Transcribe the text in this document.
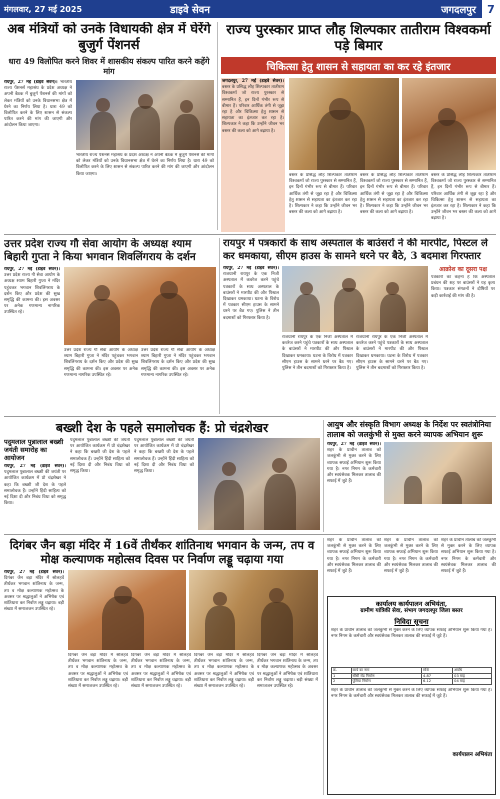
मंगलवार, 27 मई 2025	डाइवे सेवन	जगदलपुर	7
अब मंत्रियों को उनके विधायकी क्षेत्र में घेरेंगे बुजुर्ग पेंशनर्स
धारा 49 विलोपित करने शिवर में शासकीय संकल्प पारित करने कहेंगे मांग

रायपुर, 27 मई (डाइवे सेवन)। भारतीय राज्य पेंशनर्स महासंघ के प्रदेश अध्यक्ष ने अपनी बैठक में बुजुर्ग पेंशनर्स की मांगों को लेकर मंत्रियों को उनके विधानसभा क्षेत्र में घेरने का निर्णय लिया है। धारा 49 को विलोपित करने के लिए शासन से संकल्प पारित करने की मांग की जाएगी और आंदोलन किया जाएगा।

भारतीय राज्य पेंशनर्स महासंघ के प्रदेश अध्यक्ष ने अपनी बैठक में बुजुर्ग पेंशनर्स की मांगों को लेकर मंत्रियों को उनके विधानसभा क्षेत्र में घेरने का निर्णय लिया है। धारा 49 को विलोपित करने के लिए शासन से संकल्प पारित करने की मांग की जाएगी और आंदोलन किया जाएगा।

राज्य पुरस्कार प्राप्त लौह शिल्पकार तातीराम विश्वकर्मा पड़े बिमार
चिकित्सा हेतु शासन से सहायता का कर रहे इंतजार

जगदलपुर, 27 मई (डाइवे सेवन)। बस्तर के प्रसिद्ध लौह शिल्पकार तातीराम विश्वकर्मा जो राज्य पुरस्कार से सम्मानित हैं, इन दिनों गंभीर रूप से बीमार हैं। परिवार आर्थिक तंगी से जूझ रहा है और चिकित्सा हेतु शासन से सहायता का इंतजार कर रहा है। शिल्पकार ने कहा कि उन्होंने जीवन भर बस्तर की कला को आगे बढ़ाया है।

बस्तर के प्रसिद्ध लौह शिल्पकार तातीराम विश्वकर्मा जो राज्य पुरस्कार से सम्मानित हैं, इन दिनों गंभीर रूप से बीमार हैं। परिवार आर्थिक तंगी से जूझ रहा है और चिकित्सा हेतु शासन से सहायता का इंतजार कर रहा है। शिल्पकार ने कहा कि उन्होंने जीवन भर बस्तर की कला को आगे बढ़ाया है।

बस्तर के प्रसिद्ध लौह शिल्पकार तातीराम विश्वकर्मा जो राज्य पुरस्कार से सम्मानित हैं, इन दिनों गंभीर रूप से बीमार हैं। परिवार आर्थिक तंगी से जूझ रहा है और चिकित्सा हेतु शासन से सहायता का इंतजार कर रहा है। शिल्पकार ने कहा कि उन्होंने जीवन भर बस्तर की कला को आगे बढ़ाया है।

बस्तर के प्रसिद्ध लौह शिल्पकार तातीराम विश्वकर्मा जो राज्य पुरस्कार से सम्मानित हैं, इन दिनों गंभीर रूप से बीमार हैं। परिवार आर्थिक तंगी से जूझ रहा है और चिकित्सा हेतु शासन से सहायता का इंतजार कर रहा है। शिल्पकार ने कहा कि उन्होंने जीवन भर बस्तर की कला को आगे बढ़ाया है।

उत्तर प्रदेश राज्य गौ सेवा आयोग के अध्यक्ष श्याम बिहारी गुप्ता ने किया भगवान शिवलिंगराय के दर्शन

रायपुर, 27 मई (डाइवे सेवन)। उत्तर प्रदेश राज्य गौ सेवा आयोग के अध्यक्ष श्याम बिहारी गुप्ता ने मंदिर पहुंचकर भगवान शिवलिंगराय के दर्शन किए और प्रदेश की सुख समृद्धि की कामना की। इस अवसर पर अनेक गणमान्य नागरिक उपस्थित रहे।

उत्तर प्रदेश राज्य गौ सेवा आयोग के अध्यक्ष श्याम बिहारी गुप्ता ने मंदिर पहुंचकर भगवान शिवलिंगराय के दर्शन किए और प्रदेश की सुख समृद्धि की कामना की। इस अवसर पर अनेक गणमान्य नागरिक उपस्थित रहे।

उत्तर प्रदेश राज्य गौ सेवा आयोग के अध्यक्ष श्याम बिहारी गुप्ता ने मंदिर पहुंचकर भगवान शिवलिंगराय के दर्शन किए और प्रदेश की सुख समृद्धि की कामना की। इस अवसर पर अनेक गणमान्य नागरिक उपस्थित रहे।

रायपुर में पत्रकारों के साथ अस्पताल के बाउंसरों ने की मारपीट, पिस्टल ले कर धमकाया, सीएम हाउस के सामने धरने पर बैठे, 3 बदमाश गिरफ्तार

रायपुर, 27 मई (डाइवे सेवन)। राजधानी रायपुर के एक निजी अस्पताल में कवरेज करने पहुंचे पत्रकारों के साथ अस्पताल के बाउंसरों ने मारपीट की और पिस्टल दिखाकर धमकाया। घटना के विरोध में पत्रकार सीएम हाउस के सामने धरने पर बैठ गए। पुलिस ने तीन बदमाशों को गिरफ्तार किया है।

राजधानी रायपुर के एक निजी अस्पताल में कवरेज करने पहुंचे पत्रकारों के साथ अस्पताल के बाउंसरों ने मारपीट की और पिस्टल दिखाकर धमकाया। घटना के विरोध में पत्रकार सीएम हाउस के सामने धरने पर बैठ गए। पुलिस ने तीन बदमाशों को गिरफ्तार किया है।

राजधानी रायपुर के एक निजी अस्पताल में कवरेज करने पहुंचे पत्रकारों के साथ अस्पताल के बाउंसरों ने मारपीट की और पिस्टल दिखाकर धमकाया। घटना के विरोध में पत्रकार सीएम हाउस के सामने धरने पर बैठ गए। पुलिस ने तीन बदमाशों को गिरफ्तार किया है।

आक्रोश का दूसरा पक्ष
पत्रकारों का कहना है कि अस्पताल प्रबंधन की शह पर बाउंसरों ने यह कृत्य किया। पत्रकार संगठनों ने दोषियों पर कड़ी कार्रवाई की मांग की है।
बख्शी देश के पहले समालोचक हैं: प्रो चंद्रशेखर
पदुमलाल पुन्नालाल बख्शी जयंती समारोह का आयोजन

रायपुर, 27 मई (डाइवे सेवन)। पदुमलाल पुन्नालाल बख्शी की जयंती पर आयोजित कार्यक्रम में प्रो चंद्रशेखर ने कहा कि बख्शी जी देश के पहले समालोचक हैं। उन्होंने हिंदी साहित्य को नई दिशा दी और निबंध विधा को समृद्ध किया।

पदुमलाल पुन्नालाल बख्शी की जयंती पर आयोजित कार्यक्रम में प्रो चंद्रशेखर ने कहा कि बख्शी जी देश के पहले समालोचक हैं। उन्होंने हिंदी साहित्य को नई दिशा दी और निबंध विधा को समृद्ध किया।

पदुमलाल पुन्नालाल बख्शी की जयंती पर आयोजित कार्यक्रम में प्रो चंद्रशेखर ने कहा कि बख्शी जी देश के पहले समालोचक हैं। उन्होंने हिंदी साहित्य को नई दिशा दी और निबंध विधा को समृद्ध किया।

आयुष और संस्कृति विभाग अध्यक्ष के निर्देश पर स्वतंत्रोनिया तालाब को जलकुंभी से मुक्त करने व्यापक अभियान शुरू

रायपुर, 27 मई (डाइवे सेवन)। शहर के प्राचीन तालाब को जलकुंभी से मुक्त करने के लिए व्यापक सफाई अभियान शुरू किया गया है। नगर निगम के कर्मचारी और स्वयंसेवक मिलकर तालाब की सफाई में जुटे हैं।

दिगंबर जैन बड़ा मंदिर में 16वें तीर्थंकर शांतिनाथ भगवान के जन्म, तप व मोक्ष कल्याणक महोत्सव दिवस पर निर्वाण लड्डू चढ़ाया गया

रायपुर, 27 मई (डाइवे सेवन)। दिगंबर जैन बड़ा मंदिर में सोलहवें तीर्थंकर भगवान शांतिनाथ के जन्म, तप व मोक्ष कल्याणक महोत्सव के अवसर पर श्रद्धालुओं ने अभिषेक एवं शांतिधारा कर निर्वाण लड्डू चढ़ाया। बड़ी संख्या में समाजजन उपस्थित रहे।

दिगंबर जैन बड़ा मंदिर में सोलहवें तीर्थंकर भगवान शांतिनाथ के जन्म, तप व मोक्ष कल्याणक महोत्सव के अवसर पर श्रद्धालुओं ने अभिषेक एवं शांतिधारा कर निर्वाण लड्डू चढ़ाया। बड़ी संख्या में समाजजन उपस्थित रहे।

दिगंबर जैन बड़ा मंदिर में सोलहवें तीर्थंकर भगवान शांतिनाथ के जन्म, तप व मोक्ष कल्याणक महोत्सव के अवसर पर श्रद्धालुओं ने अभिषेक एवं शांतिधारा कर निर्वाण लड्डू चढ़ाया। बड़ी संख्या में समाजजन उपस्थित रहे।

दिगंबर जैन बड़ा मंदिर में सोलहवें तीर्थंकर भगवान शांतिनाथ के जन्म, तप व मोक्ष कल्याणक महोत्सव के अवसर पर श्रद्धालुओं ने अभिषेक एवं शांतिधारा कर निर्वाण लड्डू चढ़ाया। बड़ी संख्या में समाजजन उपस्थित रहे।

दिगंबर जैन बड़ा मंदिर में सोलहवें तीर्थंकर भगवान शांतिनाथ के जन्म, तप व मोक्ष कल्याणक महोत्सव के अवसर पर श्रद्धालुओं ने अभिषेक एवं शांतिधारा कर निर्वाण लड्डू चढ़ाया। बड़ी संख्या में समाजजन उपस्थित रहे।

शहर के प्राचीन तालाब को जलकुंभी से मुक्त करने के लिए व्यापक सफाई अभियान शुरू किया गया है। नगर निगम के कर्मचारी और स्वयंसेवक मिलकर तालाब की सफाई में जुटे हैं।

शहर के प्राचीन तालाब को जलकुंभी से मुक्त करने के लिए व्यापक सफाई अभियान शुरू किया गया है। नगर निगम के कर्मचारी और स्वयंसेवक मिलकर तालाब की सफाई में जुटे हैं।

शहर के प्राचीन तालाब को जलकुंभी से मुक्त करने के लिए व्यापक सफाई अभियान शुरू किया गया है। नगर निगम के कर्मचारी और स्वयंसेवक मिलकर तालाब की सफाई में जुटे हैं।

कार्यालय कार्यपालन अभियंता,
ग्रामीण यांत्रिकी सेवा, संभाग जगदलपुर जिला बस्तर
निविदा सूचना

शहर के प्राचीन तालाब को जलकुंभी से मुक्त करने के लिए व्यापक सफाई अभियान शुरू किया गया है। नगर निगम के कर्मचारी और स्वयंसेवक मिलकर तालाब की सफाई में जुटे हैं।

क्र.	कार्य का नाम	राशि	अवधि
1	सीसी रोड निर्माण	4.87	03 माह
2	पुलिया निर्माण	6.12	04 माह

शहर के प्राचीन तालाब को जलकुंभी से मुक्त करने के लिए व्यापक सफाई अभियान शुरू किया गया है। नगर निगम के कर्मचारी और स्वयंसेवक मिलकर तालाब की सफाई में जुटे हैं।

कार्यपालन अभियंता
